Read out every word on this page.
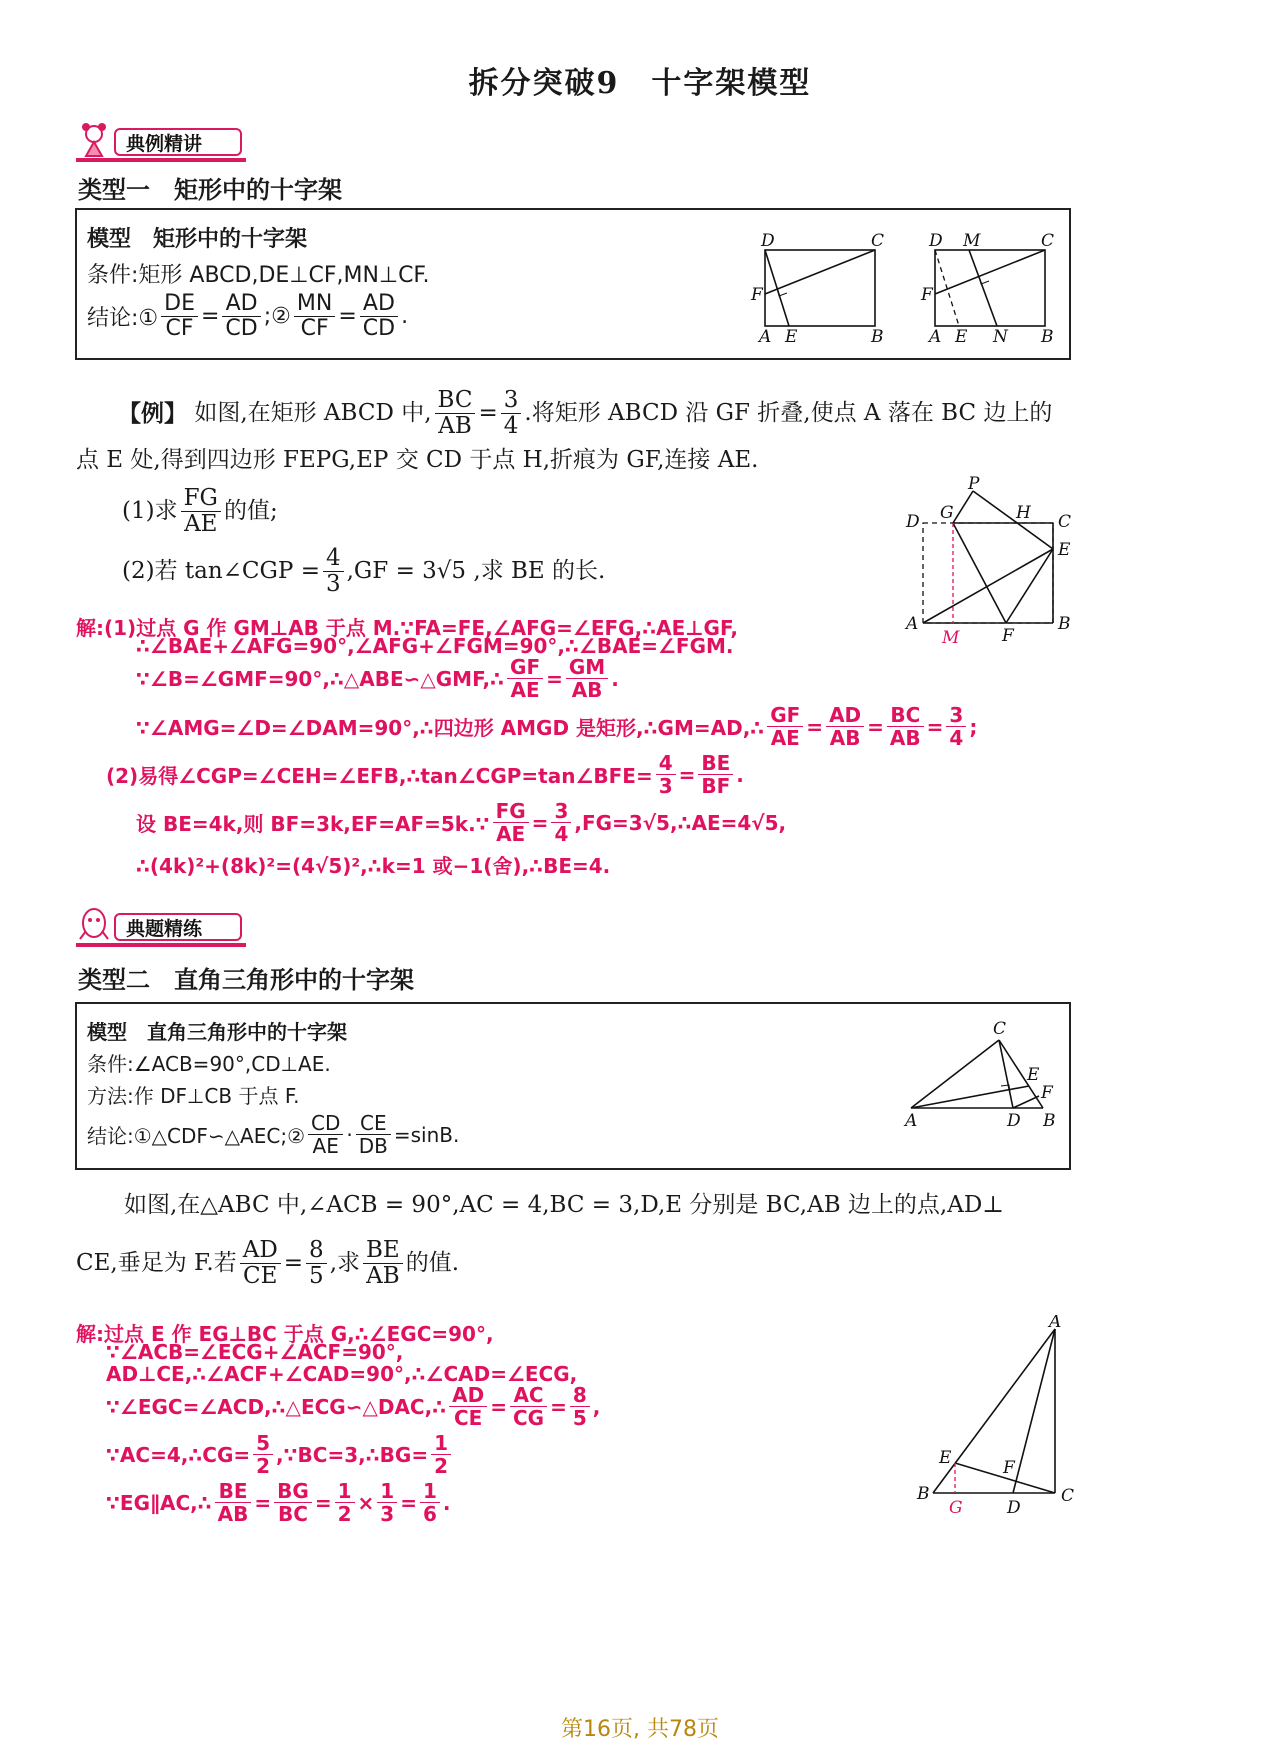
拆分突破9　十字架模型
典例精讲
类型一　矩形中的十字架
模型　矩形中的十字架
条件:矩形 ABCD,DE⊥CF,MN⊥CF.
结论:① $\frac{DE}{CF} = \frac{AD}{CD}$ ;② $\frac{MN}{CF} = \frac{AD}{CD}$ .
D	C
F
A E	B
D M	C
F
A E N B
【例】
如图,在矩形 ABCD 中, $\frac{BC}{AB} = \frac{3}{4}$ .将矩形 ABCD 沿 GF 折叠,使点 A 落在 BC 边上的
点 E 处,得到四边形 FEPG,EP 交 CD 于点 H,折痕为 GF,连接 AE.
(1)求 $\frac{FG}{AE}$ 的值;
(2)若 tan∠CGP = $\frac{4}{3} ,GF = 3√5$ ,求 BE 的长.
P
G	H
D	C
E
A
M	F
B
解:(1)过点 G 作 GM⊥AB 于点 M.∵FA=FE,∠AFG=∠EFG,∴AE⊥GF,
∴∠BAE+∠AFG=90°,∠AFG+∠FGM=90°,∴∠BAE=∠FGM.
∵∠B=∠GMF=90°,∴△ABE∽△GMF,∴ $\frac{GF}{AE} = \frac{GM}{AB}$ .
∵∠AMG=∠D=∠DAM=90°,∴四边形 AMGD 是矩形,∴GM=AD,∴ $\frac{GF}{AE} = \frac{AD}{AB} = \frac{BC}{AB} = \frac{3}{4}$ ;
(2)易得∠CGP=∠CEH=∠EFB,∴tan∠CGP=tan∠BFE= $\frac{4}{3} = \frac{BE}{BF}$ .
设 BE=4k,则 BF=3k,EF=AF=5k.∵ $\frac{FG}{AE} = \frac{3}{4}$ ,FG=3√5,∴AE=4√5,
∴(4k)²+(8k)²=(4√5)²,∴k=1 或−1(舍),∴BE=4.
典题精练
类型二　直角三角形中的十字架
模型　直角三角形中的十字架
条件:∠ACB=90°,CD⊥AE.
方法:作 DF⊥CB 于点 F.
结论:①△CDF∽△AEC;② $\frac{CD}{AE} \cdot \frac{CE}{DB} =\sin B$.
C
E
F
A	D B
如图,在△ABC 中,∠ACB = 90°,AC = 4,BC = 3,D,E 分别是 BC,AB 边上的点,AD⊥
CE,垂足为 F.若 $\frac{AD}{CE} = \frac{8}{5}$ ,求 $\frac{BE}{AB}$ 的值.
解:过点 E 作 EG⊥BC 于点 G,∴∠EGC=90°,
∵∠ACB=∠ECG+∠ACF=90°,
AD⊥CE,∴∠ACF+∠CAD=90°,∴∠CAD=∠ECG,
∵∠EGC=∠ACD,∴△ECG∽△DAC,∴ $\frac{AD}{CE} = \frac{AC}{CG} = \frac{8}{5}$ ,
∵AC=4,∴CG= $\frac{5}{2}$ ,∵BC=3,∴BG= $\frac{1}{2}$
∵EG∥AC,∴ $\frac{BE}{AB} = \frac{BG}{BC} = \frac{1}{2} \times \frac{1}{3} = \frac{1}{6}$ .
A
E	F
B	C
D
G
第16页, 共78页
